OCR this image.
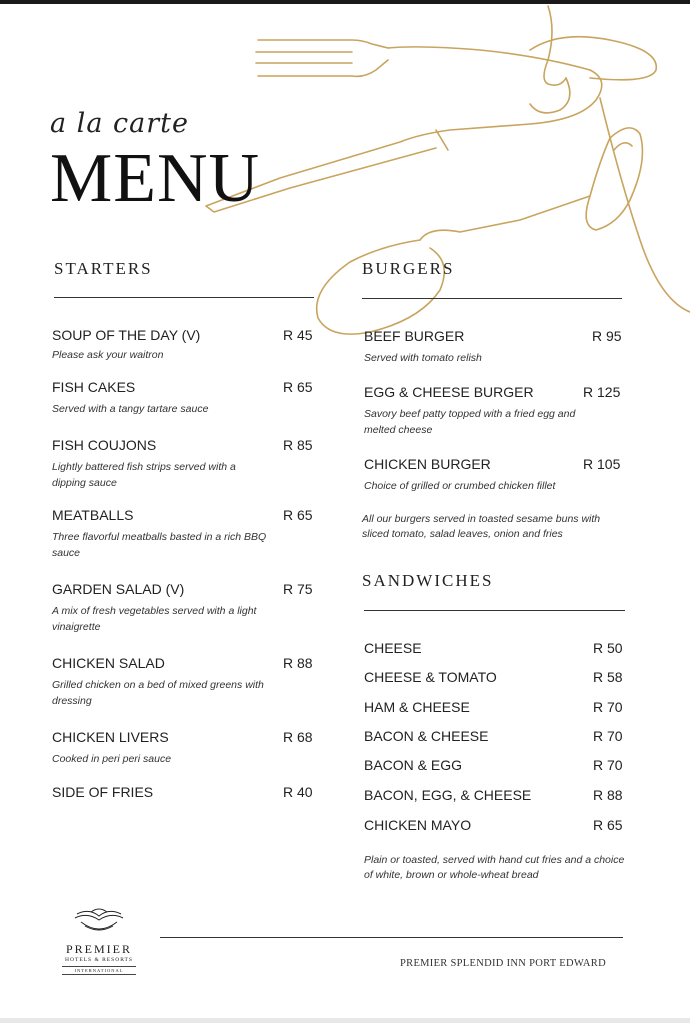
a la carte
MENU
STARTERS
SOUP OF THE DAY (V)	R 45
Please ask your waitron
FISH CAKES	R 65
Served with a tangy tartare sauce
FISH COUJONS	R 85
Lightly battered fish strips served with a dipping sauce
MEATBALLS	R 65
Three flavorful meatballs basted in a rich BBQ sauce
GARDEN SALAD (V)	R 75
A mix of fresh vegetables served with a light vinaigrette
CHICKEN SALAD	R 88
Grilled chicken on a bed of mixed greens with dressing
CHICKEN LIVERS	R 68
Cooked in peri peri sauce
SIDE OF FRIES	R 40
BURGERS
BEEF BURGER	R 95
Served with tomato relish
EGG & CHEESE BURGER	R 125
Savory beef patty topped with a fried egg and melted cheese
CHICKEN BURGER	R 105
Choice of grilled or crumbed chicken fillet
All our burgers served in toasted sesame buns with sliced tomato, salad leaves, onion and fries
SANDWICHES
CHEESE	R 50
CHEESE & TOMATO	R 58
HAM & CHEESE	R 70
BACON & CHEESE	R 70
BACON & EGG	R 70
BACON, EGG, & CHEESE	R 88
CHICKEN MAYO	R 65
Plain or toasted, served with hand cut fries and a choice of white, brown or whole-wheat bread
PREMIER
HOTELS & RESORTS
INTERNATIONAL
PREMIER SPLENDID INN PORT EDWARD
